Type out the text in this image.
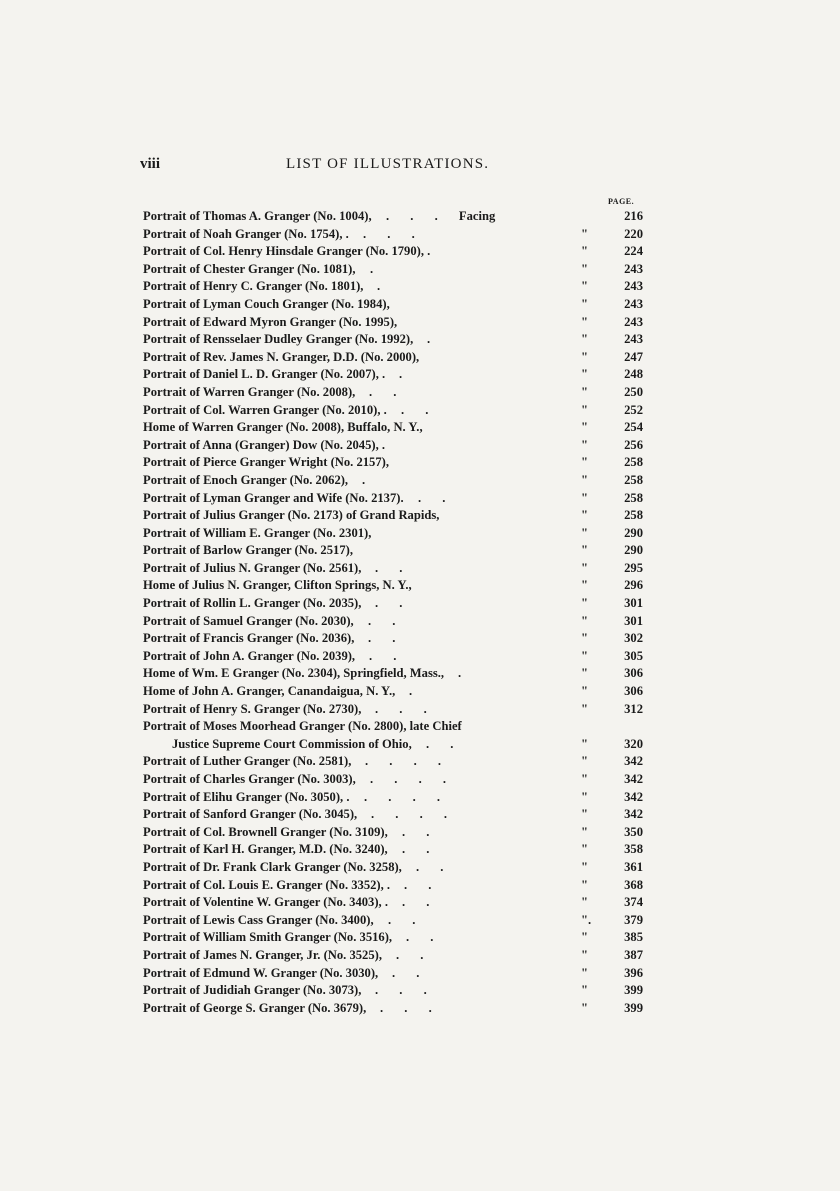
viii	LIST OF ILLUSTRATIONS.
PAGE.
Portrait of Thomas A. Granger (No. 1004), . . . Facing	216
Portrait of Noah Granger (No. 1754), . . . .	"	220
Portrait of Col. Henry Hinsdale Granger (No. 1790), .	"	224
Portrait of Chester Granger (No. 1081), .	"	243
Portrait of Henry C. Granger (No. 1801), .	"	243
Portrait of Lyman Couch Granger (No. 1984),	"	243
Portrait of Edward Myron Granger (No. 1995),	"	243
Portrait of Rensselaer Dudley Granger (No. 1992), .	"	243
Portrait of Rev. James N. Granger, D.D. (No. 2000),	"	247
Portrait of Daniel L. D. Granger (No. 2007), . .	"	248
Portrait of Warren Granger (No. 2008), . .	"	250
Portrait of Col. Warren Granger (No. 2010), . . .	"	252
Home of Warren Granger (No. 2008), Buffalo, N. Y.,	"	254
Portrait of Anna (Granger) Dow (No. 2045), .	"	256
Portrait of Pierce Granger Wright (No. 2157),	"	258
Portrait of Enoch Granger (No. 2062), .	"	258
Portrait of Lyman Granger and Wife (No. 2137). . .	"	258
Portrait of Julius Granger (No. 2173) of Grand Rapids,	"	258
Portrait of William E. Granger (No. 2301),	"	290
Portrait of Barlow Granger (No. 2517),	"	290
Portrait of Julius N. Granger (No. 2561), . .	"	295
Home of Julius N. Granger, Clifton Springs, N. Y.,	"	296
Portrait of Rollin L. Granger (No. 2035), . .	"	301
Portrait of Samuel Granger (No. 2030), . .	"	301
Portrait of Francis Granger (No. 2036), . .	"	302
Portrait of John A. Granger (No. 2039), . .	"	305
Home of Wm. E Granger (No. 2304), Springfield, Mass., .	"	306
Home of John A. Granger, Canandaigua, N. Y., .	"	306
Portrait of Henry S. Granger (No. 2730), . . .	"	312
Portrait of Moses Moorhead Granger (No. 2800), late Chief
Justice Supreme Court Commission of Ohio, . .	"	320
Portrait of Luther Granger (No. 2581), . . . .	"	342
Portrait of Charles Granger (No. 3003), . . . .	"	342
Portrait of Elihu Granger (No. 3050), . . . . .	"	342
Portrait of Sanford Granger (No. 3045), . . . .	"	342
Portrait of Col. Brownell Granger (No. 3109), . .	"	350
Portrait of Karl H. Granger, M.D. (No. 3240), . .	"	358
Portrait of Dr. Frank Clark Granger (No. 3258), . .	"	361
Portrait of Col. Louis E. Granger (No. 3352), . . .	"	368
Portrait of Volentine W. Granger (No. 3403), . . .	"	374
Portrait of Lewis Cass Granger (No. 3400), . .	".	379
Portrait of William Smith Granger (No. 3516), . .	"	385
Portrait of James N. Granger, Jr. (No. 3525), . .	"	387
Portrait of Edmund W. Granger (No. 3030), . .	"	396
Portrait of Judidiah Granger (No. 3073), . . .	"	399
Portrait of George S. Granger (No. 3679), . . .	"	399
